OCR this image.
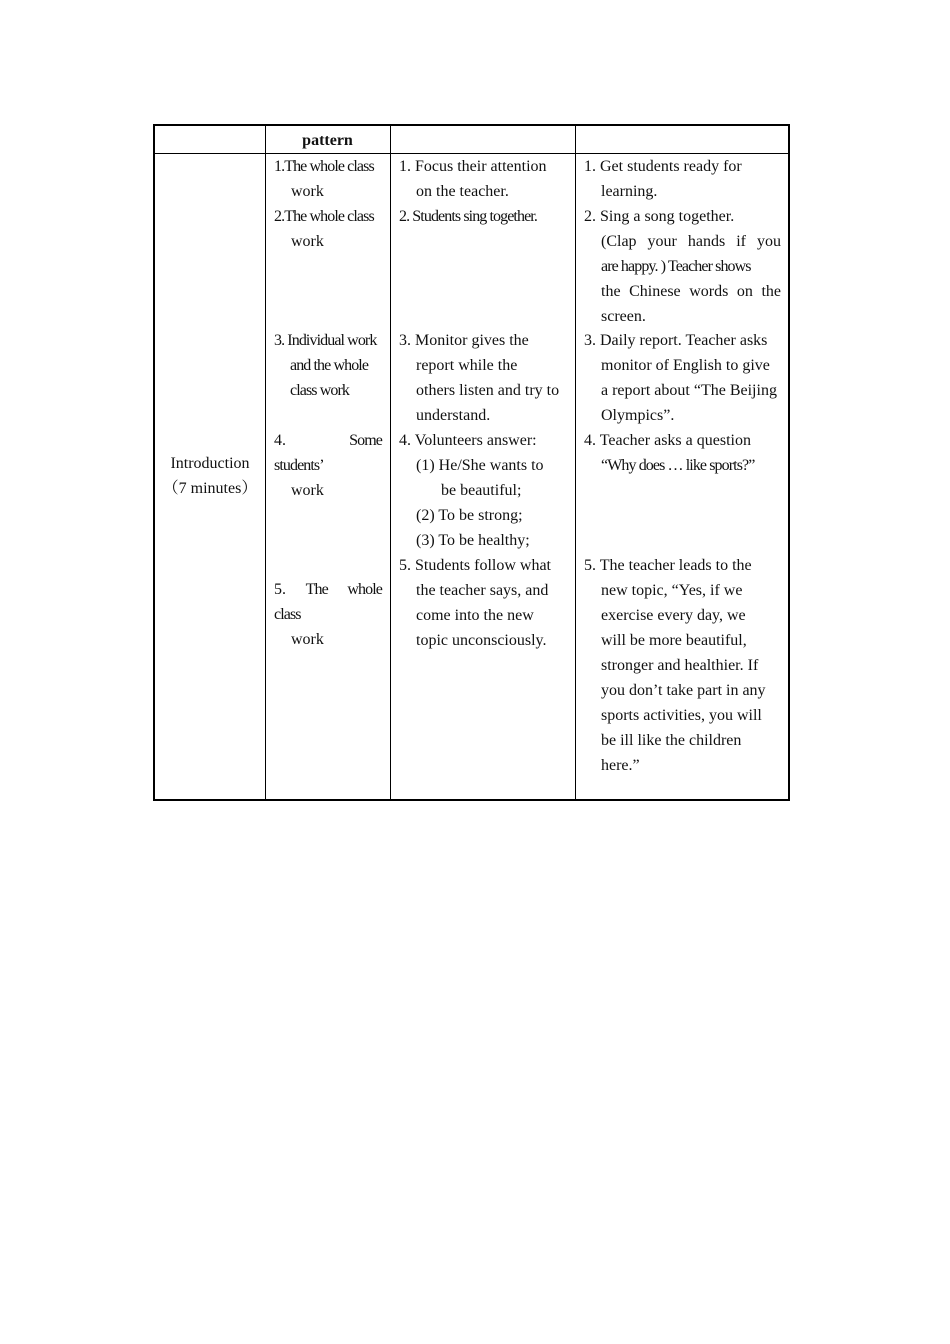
pattern
Introduction
（7 minutes）
1.The whole class
work
2.The whole class
work
3. Individual work
and the whole
class work
4.	Some
students’
work
5. The whole
class
work
1. Focus their attention
on the teacher.
2. Students sing together.
3. Monitor gives the
report while the
others listen and try to
understand.
4. Volunteers answer:
(1) He/She wants to
be beautiful;
(2) To be strong;
(3) To be healthy;
5. Students follow what
the teacher says, and
come into the new
topic unconsciously.
1. Get students ready for
learning.
2. Sing a song together.
(Clap your hands if you
are happy. ) Teacher shows
the Chinese words on the
screen.
3. Daily report. Teacher asks
monitor of English to give
a report about “The Beijing
Olympics”.
4. Teacher asks a question
“Why does … like sports?”
5. The teacher leads to the
new topic, “Yes, if we
exercise every day, we
will be more beautiful,
stronger and healthier. If
you don’t take part in any
sports activities, you will
be ill like the children
here.”
